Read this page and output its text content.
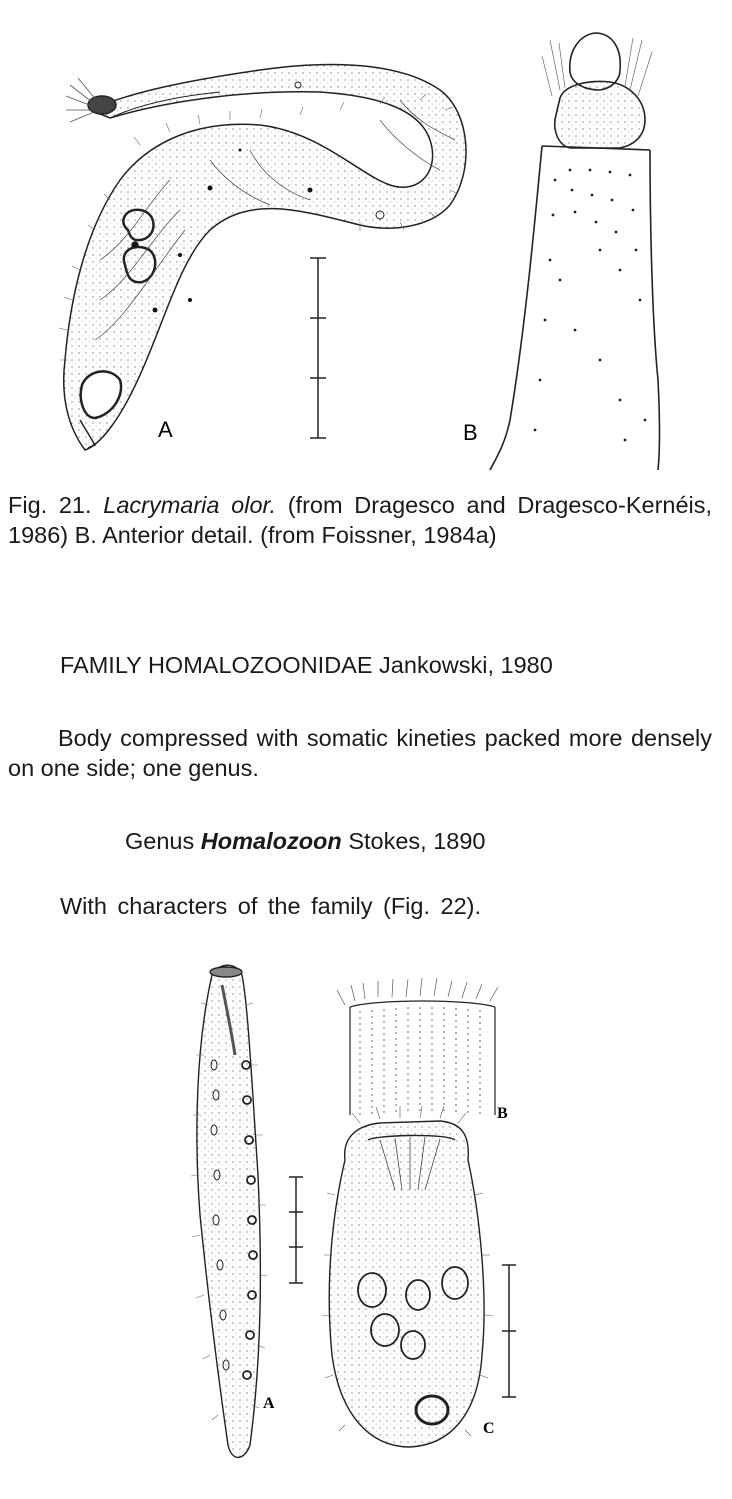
A	B
Fig. 21. Lacrymaria olor. (from Dragesco and Dragesco-Kernéis, 1986) B. Anterior detail. (from Foissner, 1984a)
FAMILY HOMALOZOONIDAE Jankowski, 1980
Body compressed with somatic kineties packed more densely on one side; one genus.
Genus Homalozoon Stokes, 1890
With characters of the family (Fig. 22).
A
B
C
